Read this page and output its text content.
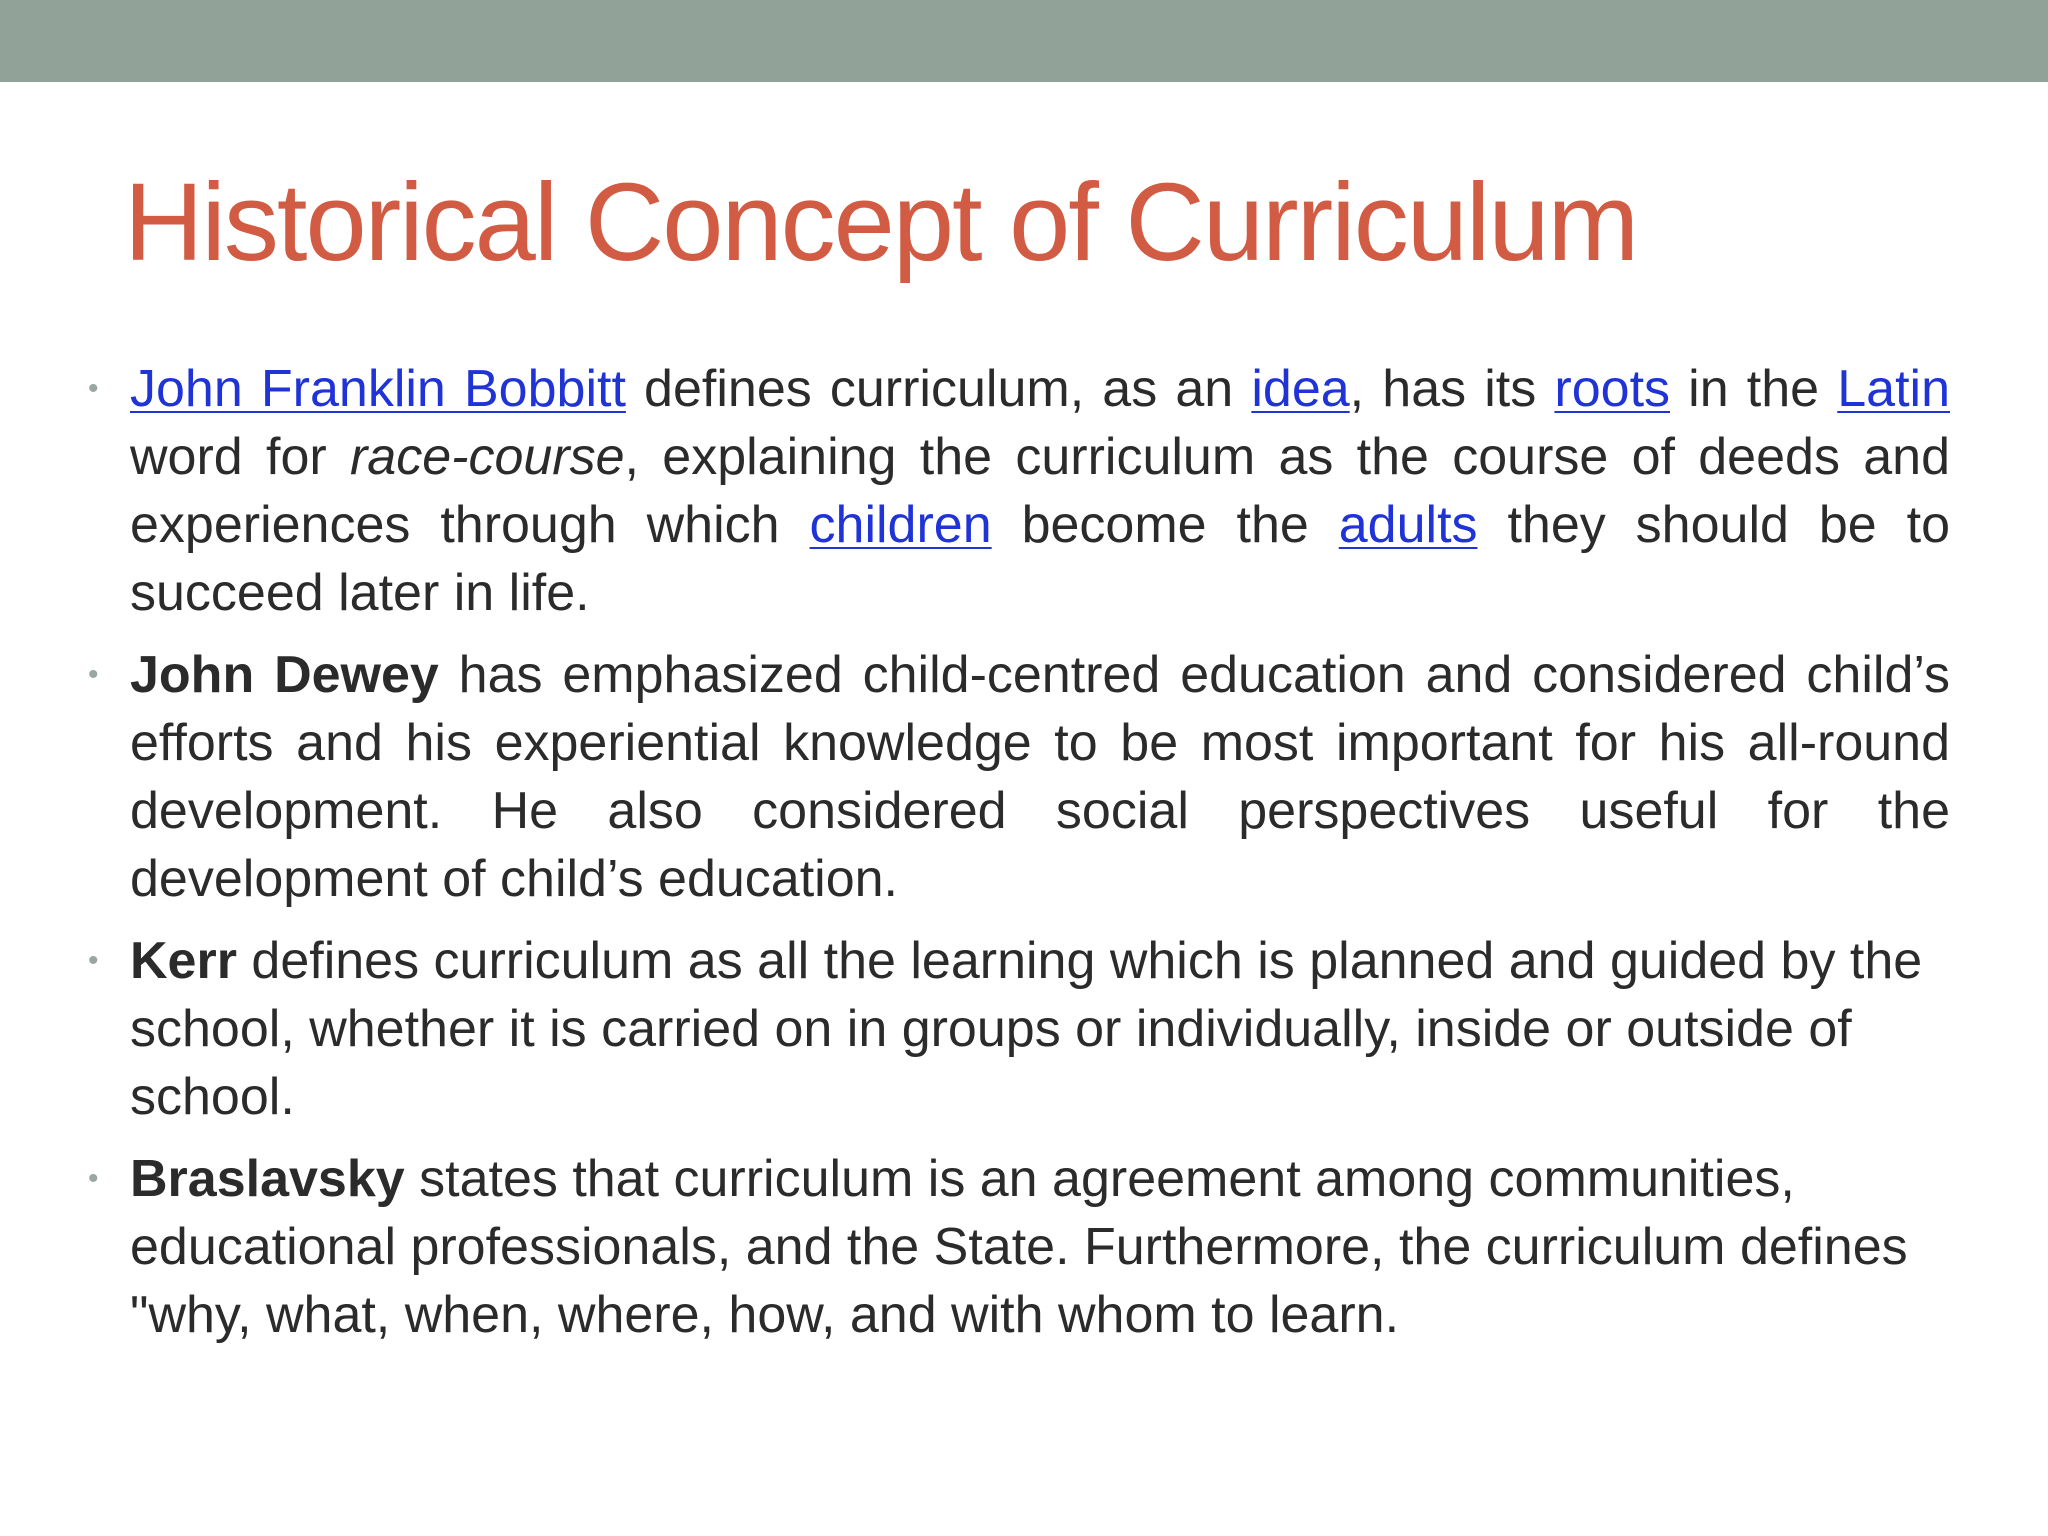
Historical Concept of Curriculum
• John Franklin Bobbitt defines curriculum, as an idea, has its roots in the Latin word for race-course, explaining the curriculum as the course of deeds and experiences through which children become the adults they should be to succeed later in life.
• John Dewey has emphasized child-centred education and considered child’s efforts and his experiential knowledge to be most important for his all-round development. He also considered social perspectives useful for the development of child’s education.
• Kerr defines curriculum as all the learning which is planned and guided by the school, whether it is carried on in groups or individually, inside or outside of school.
• Braslavsky states that curriculum is an agreement among communities, educational professionals, and the State. Furthermore, the curriculum defines "why, what, when, where, how, and with whom to learn.
